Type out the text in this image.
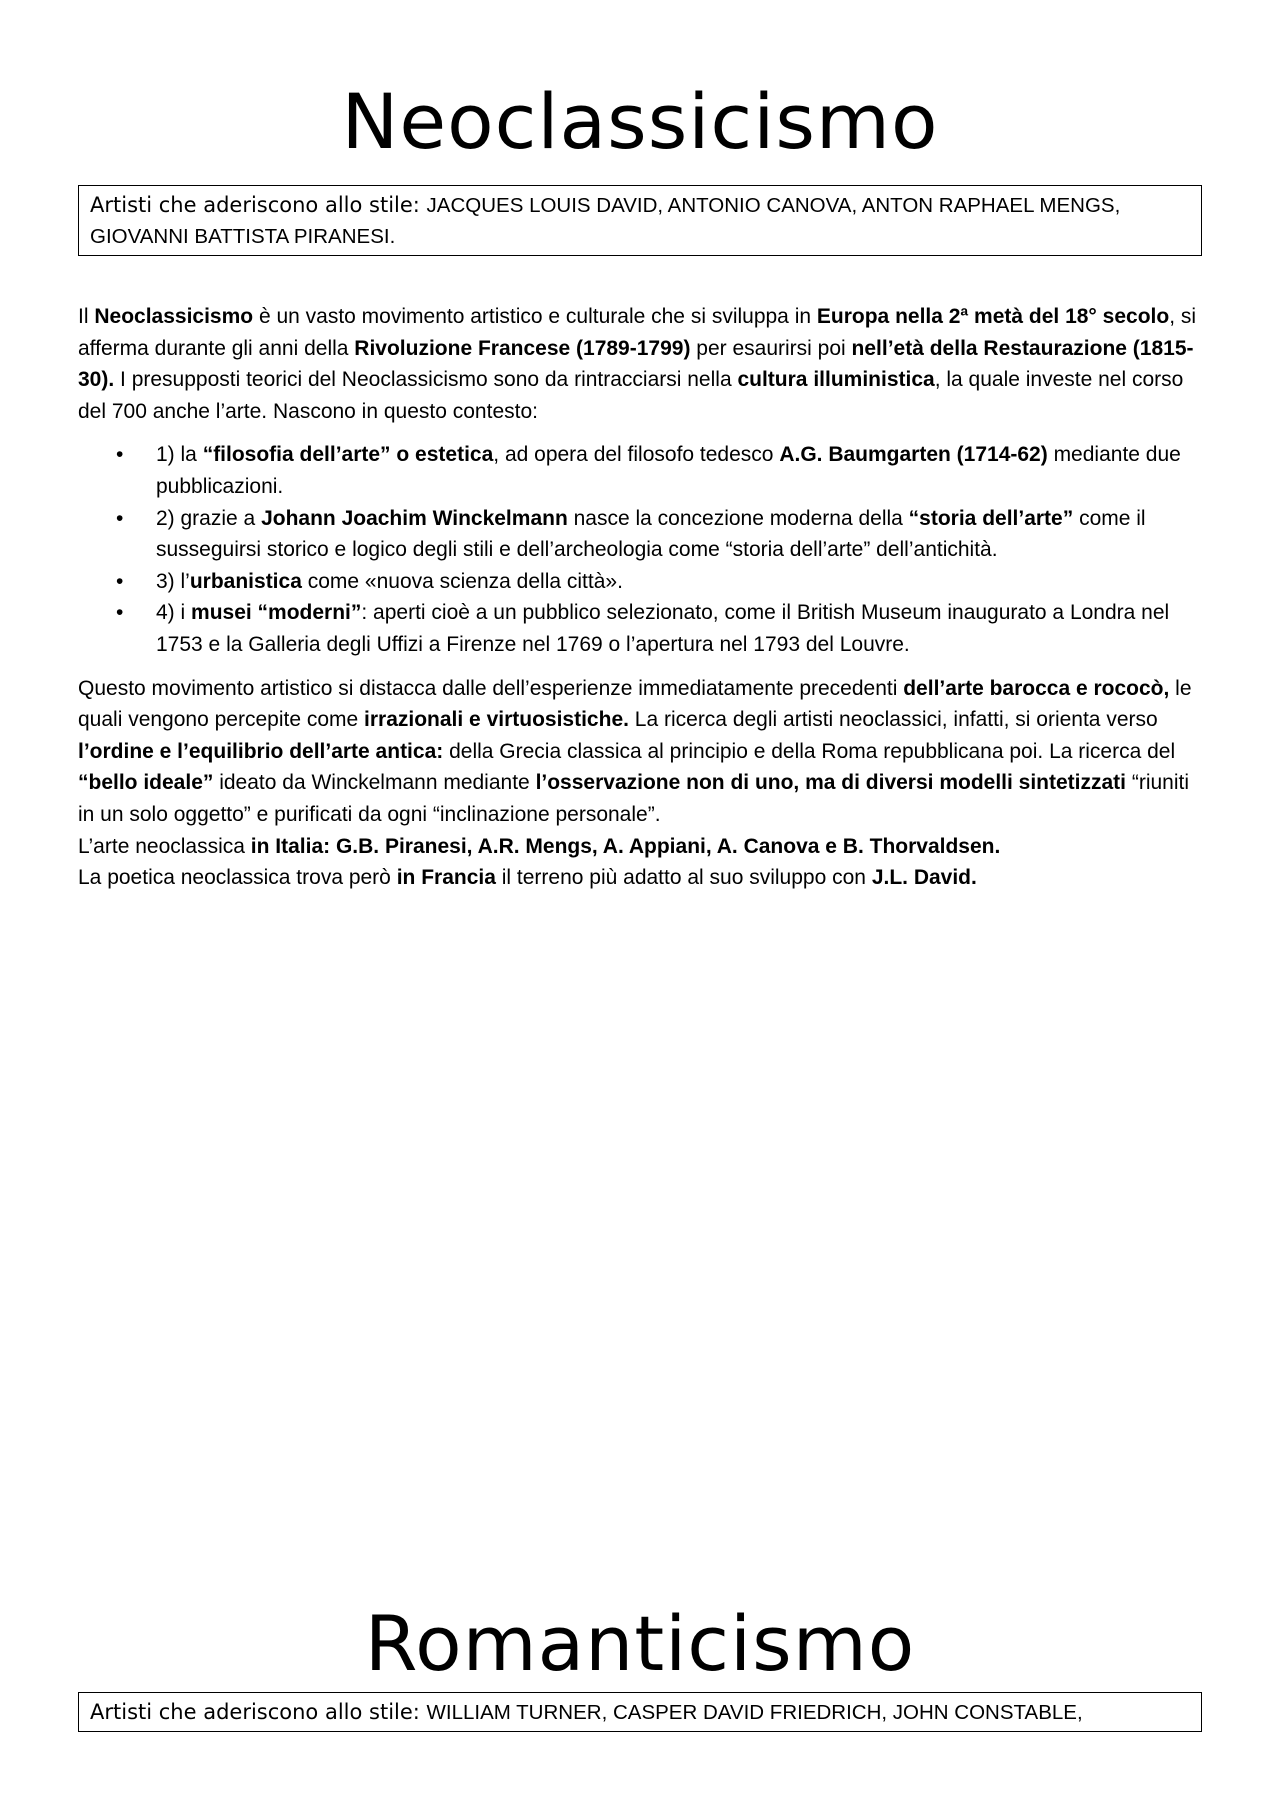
Neoclassicismo
Artisti che aderiscono allo stile: JACQUES LOUIS DAVID, ANTONIO CANOVA, ANTON RAPHAEL MENGS, GIOVANNI BATTISTA PIRANESI.

Il Neoclassicismo è un vasto movimento artistico e culturale che si sviluppa in Europa nella 2ª metà del 18° secolo, si afferma durante gli anni della Rivoluzione Francese (1789-1799) per esaurirsi poi nell’età della Restaurazione (1815-30). I presupposti teorici del Neoclassicismo sono da rintracciarsi nella cultura illuministica, la quale investe nel corso del 700 anche l’arte. Nascono in questo contesto:

• 1) la “filosofia dell’arte” o estetica, ad opera del filosofo tedesco A.G. Baumgarten (1714-62) mediante due pubblicazioni.
• 2) grazie a Johann Joachim Winckelmann nasce la concezione moderna della “storia dell’arte” come il susseguirsi storico e logico degli stili e dell’archeologia come “storia dell’arte” dell’antichità.
• 3) l’urbanistica come «nuova scienza della città».
• 4) i musei “moderni”: aperti cioè a un pubblico selezionato, come il British Museum inaugurato a Londra nel 1753 e la Galleria degli Uffizi a Firenze nel 1769 o l’apertura nel 1793 del Louvre.

Questo movimento artistico si distacca dalle dell’esperienze immediatamente precedenti dell’arte barocca e rococò, le quali vengono percepite come irrazionali e virtuosistiche. La ricerca degli artisti neoclassici, infatti, si orienta verso l’ordine e l’equilibrio dell’arte antica: della Grecia classica al principio e della Roma repubblicana poi. La ricerca del “bello ideale” ideato da Winckelmann mediante l’osservazione non di uno, ma di diversi modelli sintetizzati “riuniti in un solo oggetto” e purificati da ogni “inclinazione personale”.

L’arte neoclassica in Italia: G.B. Piranesi, A.R. Mengs, A. Appiani, A. Canova e B. Thorvaldsen.

La poetica neoclassica trova però in Francia il terreno più adatto al suo sviluppo con J.L. David.

Romanticismo
Artisti che aderiscono allo stile: WILLIAM TURNER, CASPER DAVID FRIEDRICH, JOHN CONSTABLE,
